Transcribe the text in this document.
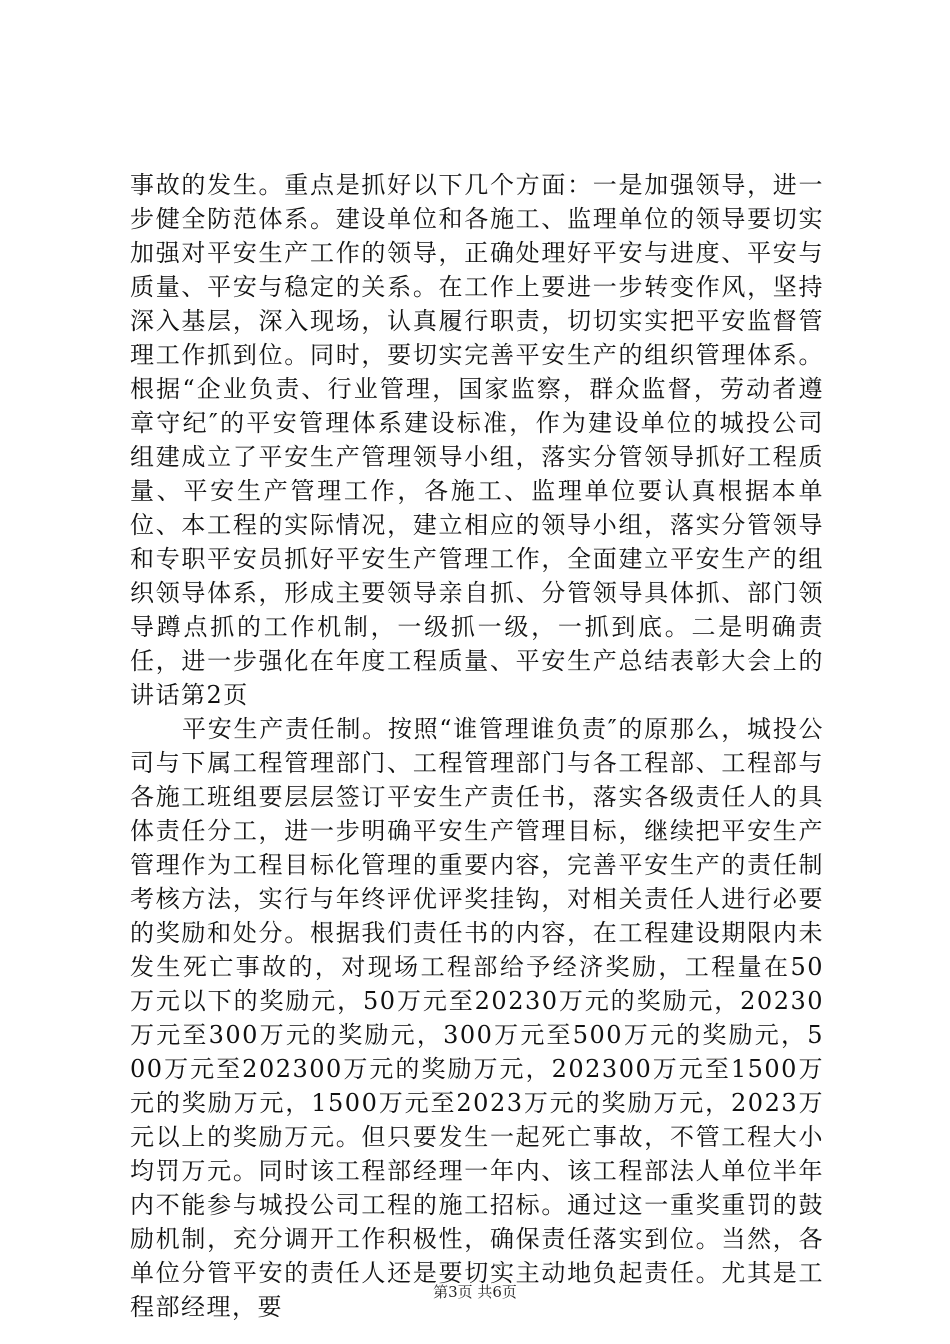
事故的发生。重点是抓好以下几个方面：一是加强领导，进一步健全防范体系。建设单位和各施工、监理单位的领导要切实加强对平安生产工作的领导，正确处理好平安与进度、平安与质量、平安与稳定的关系。在工作上要进一步转变作风，坚持深入基层，深入现场，认真履行职责，切切实实把平安监督管理工作抓到位。同时，要切实完善平安生产的组织管理体系。根据“企业负责、行业管理，国家监察，群众监督，劳动者遵章守纪″的平安管理体系建设标准，作为建设单位的城投公司组建成立了平安生产管理领导小组，落实分管领导抓好工程质量、平安生产管理工作，各施工、监理单位要认真根据本单位、本工程的实际情况，建立相应的领导小组，落实分管领导和专职平安员抓好平安生产管理工作，全面建立平安生产的组织领导体系，形成主要领导亲自抓、分管领导具体抓、部门领导蹲点抓的工作机制，一级抓一级，一抓到底。二是明确责任，进一步强化在年度工程质量、平安生产总结表彰大会上的讲话第2页

平安生产责任制。按照“谁管理谁负责″的原那么，城投公司与下属工程管理部门、工程管理部门与各工程部、工程部与各施工班组要层层签订平安生产责任书，落实各级责任人的具体责任分工，进一步明确平安生产管理目标，继续把平安生产管理作为工程目标化管理的重要内容，完善平安生产的责任制考核方法，实行与年终评优评奖挂钩，对相关责任人进行必要的奖励和处分。根据我们责任书的内容，在工程建设期限内未发生死亡事故的，对现场工程部给予经济奖励，工程量在50万元以下的奖励元，50万元至20230万元的奖励元，20230万元至300万元的奖励元，300万元至500万元的奖励元，500万元至202300万元的奖励万元，202300万元至1500万元的奖励万元，1500万元至2023万元的奖励万元，2023万元以上的奖励万元。但只要发生一起死亡事故，不管工程大小均罚万元。同时该工程部经理一年内、该工程部法人单位半年内不能参与城投公司工程的施工招标。通过这一重奖重罚的鼓励机制，充分调开工作积极性，确保责任落实到位。当然，各单位分管平安的责任人还是要切实主动地负起责任。尤其是工程部经理，要

第3页 共6页
